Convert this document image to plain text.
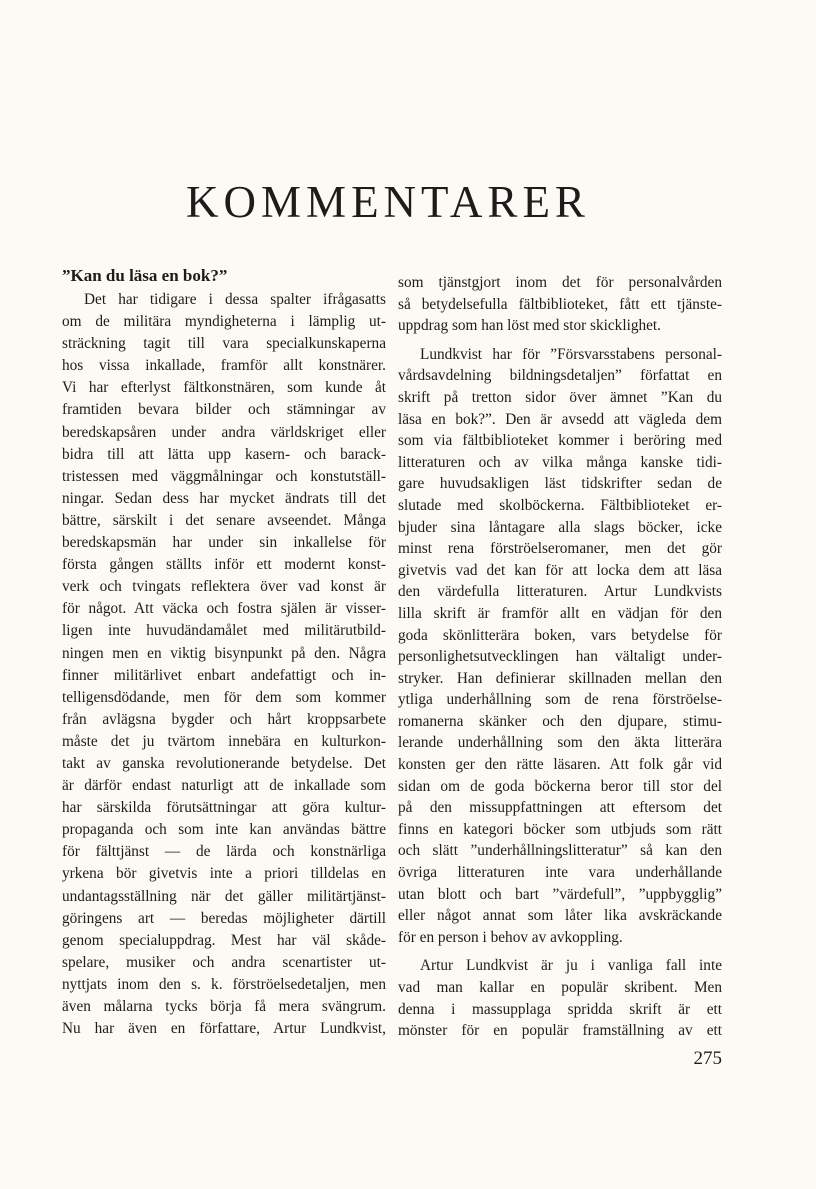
KOMMENTARER
”Kan du läsa en bok?”
Det har tidigare i dessa spalter ifrågasatts
om de militära myndigheterna i lämplig ut-
sträckning tagit till vara specialkunskaperna
hos vissa inkallade, framför allt konstnärer.
Vi har efterlyst fältkonstnären, som kunde åt
framtiden bevara bilder och stämningar av
beredskapsåren under andra världskriget eller
bidra till att lätta upp kasern- och barack-
tristessen med väggmålningar och konstutställ-
ningar. Sedan dess har mycket ändrats till det
bättre, särskilt i det senare avseendet. Många
beredskapsmän har under sin inkallelse för
första gången ställts inför ett modernt konst-
verk och tvingats reflektera över vad konst är
för något. Att väcka och fostra själen är visser-
ligen inte huvudändamålet med militärutbild-
ningen men en viktig bisynpunkt på den. Några
finner militärlivet enbart andefattigt och in-
telligensdödande, men för dem som kommer
från avlägsna bygder och hårt kroppsarbete
måste det ju tvärtom innebära en kulturkon-
takt av ganska revolutionerande betydelse. Det
är därför endast naturligt att de inkallade som
har särskilda förutsättningar att göra kultur-
propaganda och som inte kan användas bättre
för fälttjänst — de lärda och konstnärliga
yrkena bör givetvis inte a priori tilldelas en
undantagsställning när det gäller militärtjänst-
göringens art — beredas möjligheter därtill
genom specialuppdrag. Mest har väl skåde-
spelare, musiker och andra scenartister ut-
nyttjats inom den s. k. förströelsedetaljen, men
även målarna tycks börja få mera svängrum.
Nu har även en författare, Artur Lundkvist,
som tjänstgjort inom det för personalvården
så betydelsefulla fältbiblioteket, fått ett tjänste-
uppdrag som han löst med stor skicklighet.
Lundkvist har för ”Försvarsstabens personal-
vårdsavdelning bildningsdetaljen” författat en
skrift på tretton sidor över ämnet ”Kan du
läsa en bok?”. Den är avsedd att vägleda dem
som via fältbiblioteket kommer i beröring med
litteraturen och av vilka många kanske tidi-
gare huvudsakligen läst tidskrifter sedan de
slutade med skolböckerna. Fältbiblioteket er-
bjuder sina låntagare alla slags böcker, icke
minst rena förströelseromaner, men det gör
givetvis vad det kan för att locka dem att läsa
den värdefulla litteraturen. Artur Lundkvists
lilla skrift är framför allt en vädjan för den
goda skönlitterära boken, vars betydelse för
personlighetsutvecklingen han vältaligt under-
stryker. Han definierar skillnaden mellan den
ytliga underhållning som de rena förströelse-
romanerna skänker och den djupare, stimu-
lerande underhållning som den äkta litterära
konsten ger den rätte läsaren. Att folk går vid
sidan om de goda böckerna beror till stor del
på den missuppfattningen att eftersom det
finns en kategori böcker som utbjuds som rätt
och slätt ”underhållningslitteratur” så kan den
övriga litteraturen inte vara underhållande
utan blott och bart ”värdefull”, ”uppbygglig”
eller något annat som låter lika avskräckande
för en person i behov av avkoppling.
Artur Lundkvist är ju i vanliga fall inte
vad man kallar en populär skribent. Men
denna i massupplaga spridda skrift är ett
mönster för en populär framställning av ett
275
